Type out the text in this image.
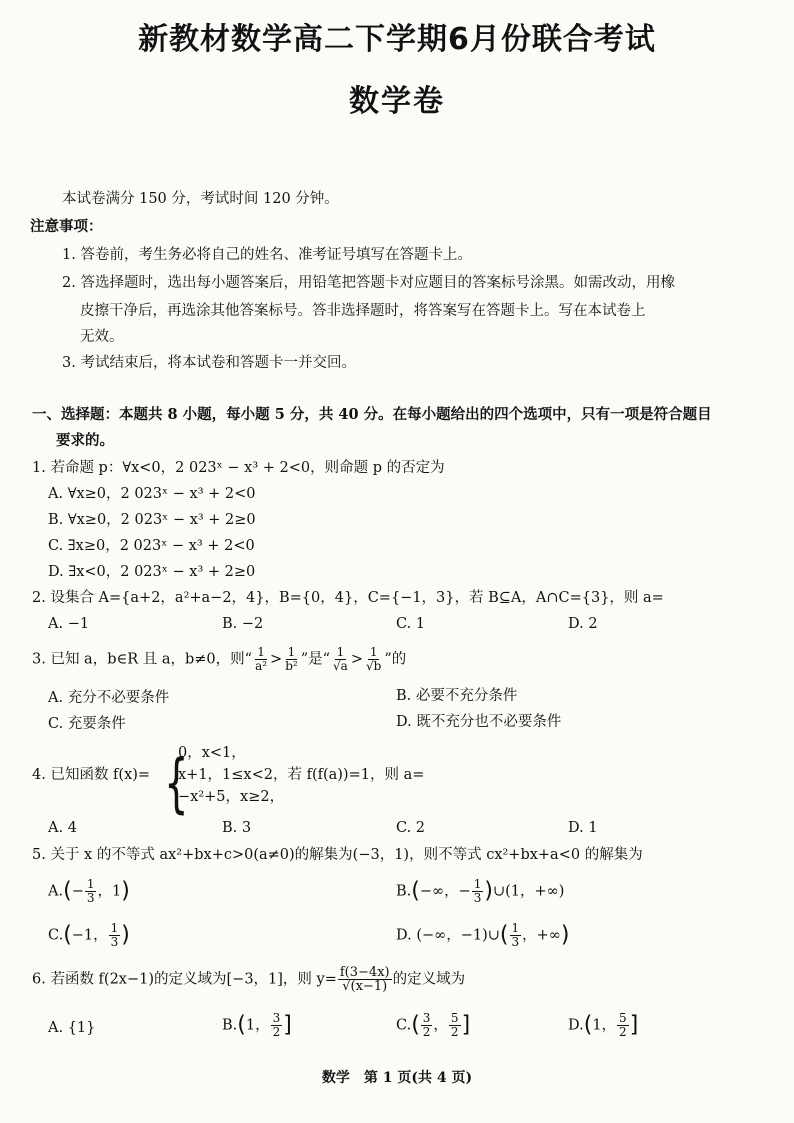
新教材数学高二下学期6月份联合考试
数学卷
本试卷满分 150 分，考试时间 120 分钟。
注意事项：
1. 答卷前，考生务必将自己的姓名、准考证号填写在答题卡上。
2. 答选择题时，选出每小题答案后，用铅笔把答题卡对应题目的答案标号涂黑。如需改动，用橡
皮擦干净后，再选涂其他答案标号。答非选择题时，将答案写在答题卡上。写在本试卷上
无效。
3. 考试结束后，将本试卷和答题卡一并交回。
一、选择题：本题共 8 小题，每小题 5 分，共 40 分。在每小题给出的四个选项中，只有一项是符合题目
要求的。
1. 若命题 p：∀x<0，2 023ˣ − x³ + 2<0，则命题 p 的否定为
A. ∀x≥0，2 023ˣ − x³ + 2<0
B. ∀x≥0，2 023ˣ − x³ + 2≥0
C. ∃x≥0，2 023ˣ − x³ + 2<0
D. ∃x<0，2 023ˣ − x³ + 2≥0
2. 设集合 A={a+2，a²+a−2，4}，B={0，4}，C={−1，3}，若 B⊆A，A∩C={3}，则 a=
A. −1	B. −2	C. 1	D. 2
3. 已知 a，b∈R 且 a，b≠0，则“ $\frac{1}{\text{a²}} > \frac{1}{\text{b²}}$ ”是“ $\frac{1}{√a} > \frac{1}{√b}$ ”的
A. 充分不必要条件	B. 必要不充分条件
C. 充要条件	D. 既不充分也不必要条件
4. 已知函数 f(x)= {
0，x<1，
x+1，1≤x<2，若 f(f(a))=1，则 a=
−x²+5，x≥2，
A. 4	B. 3	C. 2	D. 1
5. 关于 x 的不等式 ax²+bx+c>0(a≠0)的解集为(−3，1)，则不等式 cx²+bx+a<0 的解集为
$A.(- \frac{1}{3}$ ，1)	B.(−∞，− $\frac{1}{3}$ )∪(1，+∞)
C.(−1， $\frac{1}{3}$ )	D. (−∞，−1)∪( $\frac{1}{3}$ ，+∞)
6. 若函数 f(2x−1)的定义域为[−3，1]，则 $y= \frac{f(3-4x)}{√(x-1)}$ 的定义域为
A. {1}	B.(1， $\frac{3}{2}$ ]	$C.( \frac{3}{2}$ ， $\frac{5}{2}$ ]	D.(1， $\frac{5}{2}$ ]
数学　第 1 页(共 4 页)
